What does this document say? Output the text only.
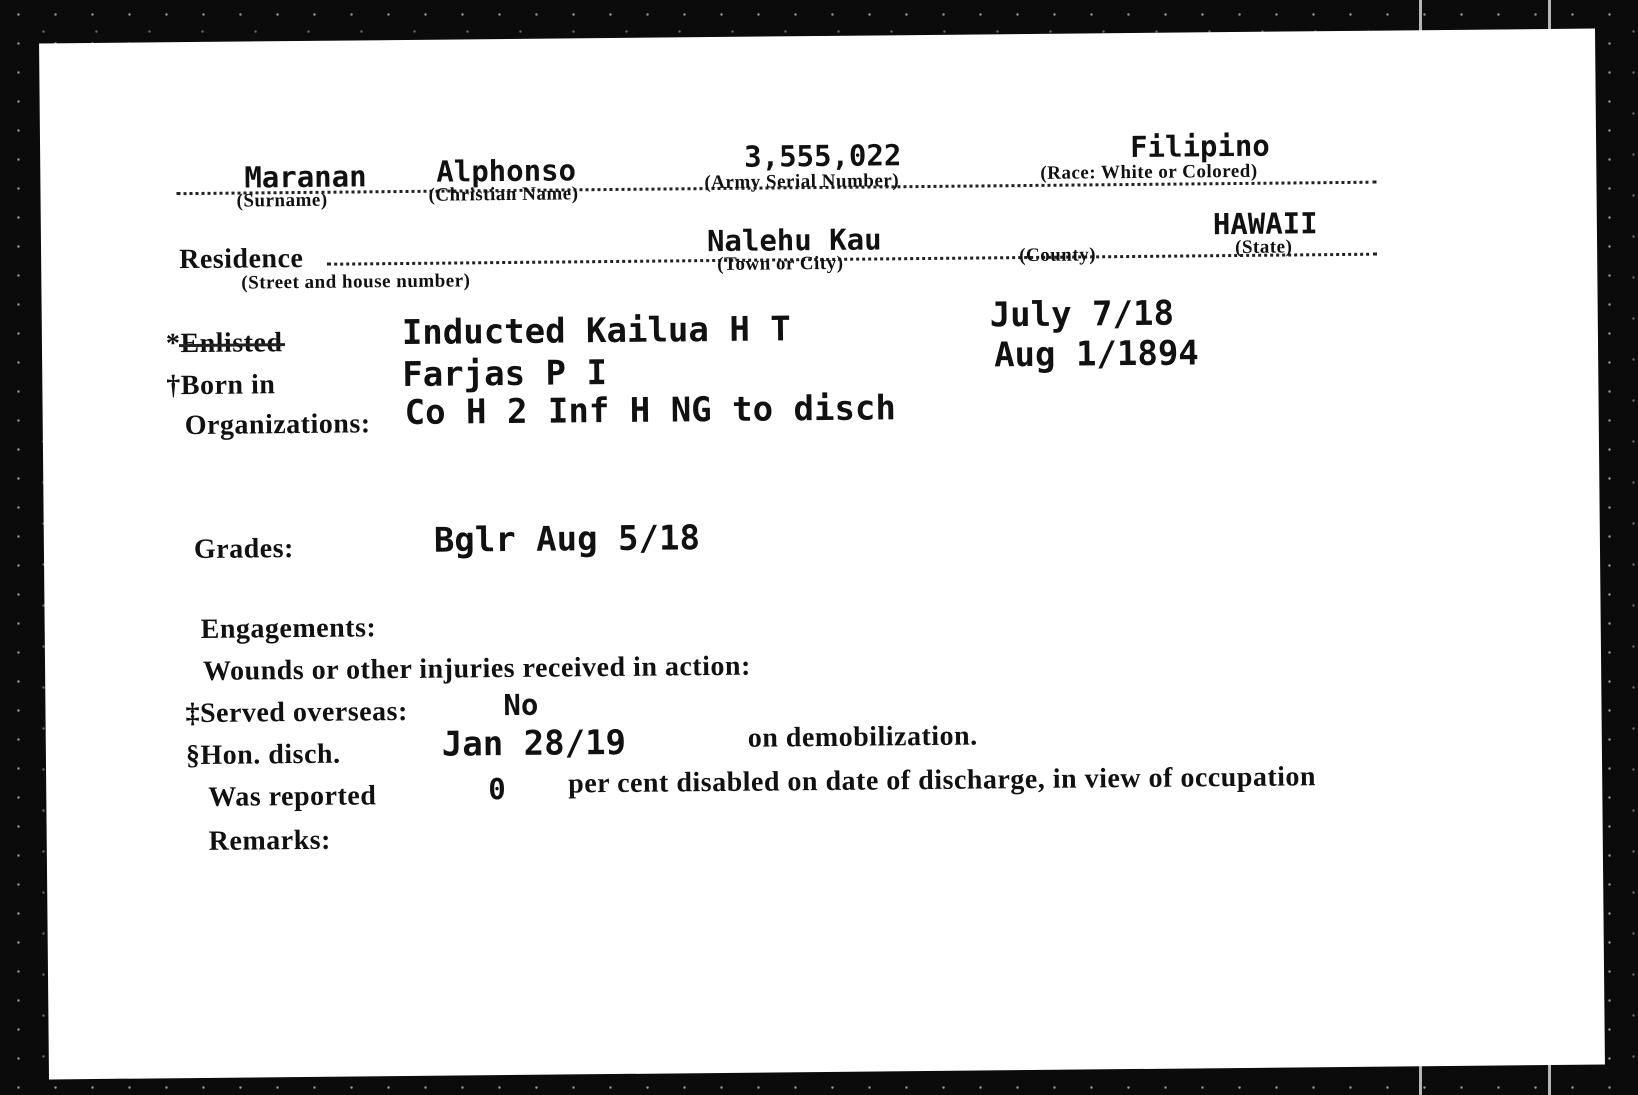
Maranan
(Surname)
Alphonso
(Christian Name)
3,555,022
(Army Serial Number)
Filipino
(Race: White or Colored)
Residence
(Street and house number)
Nalehu Kau
(Town or City)	(County)
HAWAII
(State)
*Enlisted	Inducted Kailua H T	July 7/18
†Born in	Farjas P I	Aug 1/1894
Organizations: Co H 2 Inf H NG to disch
Grades:	Bglr Aug 5/18
Engagements:
Wounds or other injuries received in action:
‡Served overseas:	No
§Hon. disch.	Jan 28/19	on demobilization.
Was reported	0 per cent disabled on date of discharge, in view of occupation
Remarks:
